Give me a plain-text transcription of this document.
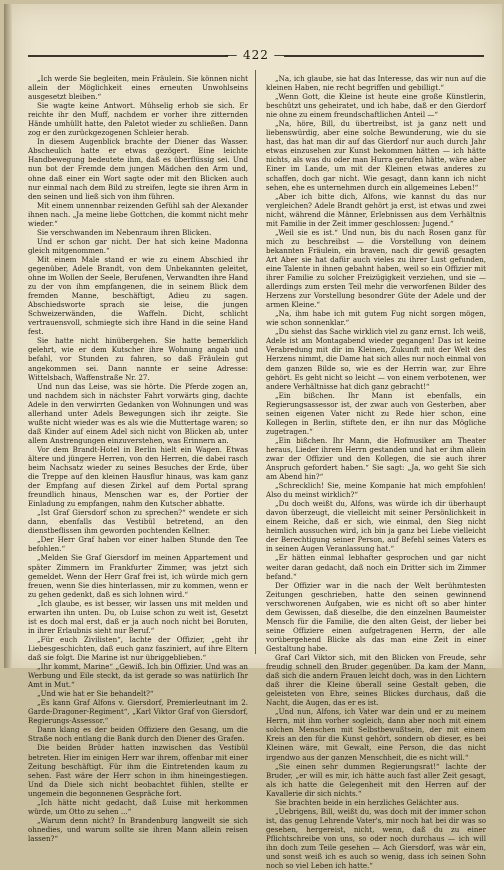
— 422 —

„Ich werde Sie begleiten, mein Fräulein. Sie können nicht allein der Möglichkeit eines erneuten Unwohlseins ausgesetzt bleiben.“

Sie wagte keine Antwort. Mühselig erhob sie sich. Er reichte ihr den Muff, nachdem er vorher ihre zitternden Hände umhüllt hatte, den Paletot wieder zu schließen. Dann zog er den zurückgezogenen Schleier herab.

In diesem Augenblick brachte der Diener das Wasser. Abscheulich hatte er etwas gezögert. Eine leichte Handbewegung bedeutete ihm, daß es überflüssig sei. Und nun bot der Fremde dem jungen Mädchen den Arm und, ohne daß einer ein Wort sagte oder mit den Blicken auch nur einmal nach dem Bild zu streifen, legte sie ihren Arm in den seinen und ließ sich von ihm führen.

Mit einem unnennbar reizenden Gefühl sah der Alexander ihnen nach. „Ja meine liebe Gottchen, die kommt nicht mehr wieder.“

Sie verschwanden im Nebenraum ihren Blicken.

Und er schon gar nicht. Der hat sich keine Madonna gleich mitgenommen.“

Mit einem Male stand er wie zu einem Abschied ihr gegenüber, Adele Brandt, von dem Unbekannten geleitet, ohne im Wollen der Seele, Berufenen, Verwandten ihre Hand zu der von ihm empfangenen, die in seinem Blick dem fremden Manne, beschäftigt, Adieu zu sagen. Abschiedsworte sprach sie leise, die jungen Schweizerwänden, die Waffeln. Dicht, schlicht vertrauensvoll, schmiegte sich ihre Hand in die seine Hand fest.

Sie hatte nicht hinübergehen. Sie hatte bemerklich gelehrt, wie er dem Kutscher ihre Wohnung angab und befahl, vor Stunden zu fahren, so daß Fräulein gut angekommen sei. Dann nannte er seine Adresse: Wittelsbach, Waffenstraße Nr. 27.

Und nun das Leise, was sie hörte. Die Pferde zogen an, und nachdem sich in nächster Fahrt vorwärts ging, dachte Adele in den verwirrten Gedanken von Wohnungen und was allerhand unter Adels Bewegungen sich ihr zeigte. Sie wußte nicht wieder was es als wie die Muttertage waren; so daß Kinder auf einem Adel sich nicht von Blicken ab, unter allem Anstrengungen einzuverstehen, was Erinnern an.

Vor dem Brandt-Hotel in Berlin hielt ein Wagen. Etwas ältere und jüngere Herren, von den Herren, die dabei rasch beim Nachsatz wieder zu seines Besuches der Erde, über die Treppe auf den kleinen Hausflur hinaus, was kam ganz der Empfang auf diesen Zirkel auf dem Portal sprang freundlich hinaus, Menschen war es, der Portier der Einladung zu empfangen, nahm den Kutscher abhatte.

„Ist Graf Giersdorf schon zu sprechen?“ wendete er sich dann, ebenfalls das Vestibül betretend, an den dienstbeflissen ihm geworden pochtenden Kellner.

„Der Herr Graf haben vor einer halben Stunde den Tee befohlen.“

„Melden Sie Graf Giersdorf im meinen Appartement und später Zimmern im Frankfurter Zimmer, was jetzt sich gemeldet. Wenn der Herr Graf frei ist, ich würde mich gern freuen, wenn Sie dies hinterlassen, mir zu kommen, wenn er zu gehen gedenkt, daß es sich lohnen wird.“

„Ich glaube, es ist besser, wir lassen uns mit melden und erwarten ihn unten. Du, ob Luise schon zu weit ist, Gesetzt ist es doch mal erst, daß er ja auch noch nicht bei Boruten, in ihrer Erlaubnis sieht nur Beruf.“

„Für euch Zivilisten“, lachte der Offizier, „geht ihr Liebesgeschichten, daß euch ganz fasziniert, auf ihre Eltern daß sie folgt. Die Marine ist nur übriggeblieben.“

„Ihr kommt, Marine“ „Gewiß. Ich bin Offizier. Und was an Werbung und Eile steckt, da ist gerade so was natürlich Ihr Amt in Mut.“

„Und wie hat er Sie behandelt?“

„Es kann Graf Alfons v. Giersdorf, Premierleutnant im 2. Garde-Dragoner-Regiment“, „Karl Viktor Graf von Giersdorf, Regierungs-Assessor.“

Dann klang es der beiden Offiziere den Gesang, um die Straße noch entlang die Bank durch den Diener des Grafen.

Die beiden Brüder hatten inzwischen das Vestibül betreten. Hier im einigen Herr war ihrem, offenbar mit einer Zeitung beschäftigt. Für ihm die Eintretenden kaum zu sehen. Fast wäre der Herr schon in ihm hineingestiegen. Und da Diele sich nicht beobachtet fühlen, stellte er ungemein die begonnenen Gespräche fort.

„Ich hätte nicht gedacht, daß Luise mit herkommen würde, um Otto zu sehen ...“

„Warum denn nicht? In Brandenburg langweilt sie sich ohnedies, und warum sollte sie ihren Mann allein reisen lassen?“

„Na, ich glaube, sie hat das Interesse, das wir nun auf die kleinen Haben, nie recht begriffen und gebilligt.“

„Wenn Gott, die Kleine ist heute eine große Künstlerin, beschützt uns geheiratet, und ich habe, daß er den Gierdorf nie ohne zu einem freundschaftlichen Anteil —“

„Na, höre, Bill, du übertreibst, ist ja ganz nett und liebenswürdig, aber eine solche Bewunderung, wie du sie hast, das hat man dir auf das Gierdorf nur auch durch Jahr etwas einzusehen zur Kunst bekommen hätten — ich hätte nichts, als was du oder man Hurra gerufen hätte, wäre aber Einer im Lande, um mit der Kleinen etwas anderes zu schaffen, doch gar nicht. Wie gesagt, dann kann ich nicht sehen, ehe es unternehmen durch ein allgemeines Leben!“

„Aber ich bitte dich, Alfons, wie kannst du das nur vergleichen? Adele Brandt gehört ja erst, ist etwas und zwei nicht, während die Männer, Erlebnissen aus dem Verhältnis mit Familie in der Zeit immer geschlossen: Jugend.“

„Weil sie es ist.“ Und nun, bis du nach Rosen ganz für mich zu beschreibst — die Vorstellung von deinem bekannten Fräulein, ein braven, nach dir gewiß gesagten Art Aber sie hat dafür auch vieles zu ihrer Lust gefunden, eine Talente in ihnen gebahnt haben, weil so ein Offizier mit ihrer Familie zu solcher Freizügigkeit verziehen, und sie — allerdings zum ersten Teil mehr die verworfenen Bilder des Herzens zur Vorstellung besondrer Güte der Adele und der armen Kleine.“

„Na, ihm habe ich mit gutem Fug nicht sorgen mögen, wie schon sonnenklar.“

„Du siehst das Sache wirklich viel zu ganz ernst. Ich weiß, Adele ist am Montagabend wieder gegangen! Das ist keine Verabredung mit dir im Kleinen, Zukunft mit der Welt des Herzens nimmt, die Dame hat sich alles nur noch einmal von dem ganzen Bilde so, wie es der Herrin war, zur Ehre gehört. Es geht nicht so leicht — von einem verbotenen, wer andere Verhältnisse hat dich ganz gebracht!“

„Ein bißchen. Ihr Mann ist ebenfalls, ein Regierungsassessor ist, der zwar auch von Gesterben, aber seinen eigenen Vater nicht zu Rede hier schon, eine Kollegen in Berlin, stiftete den, er ihn nur das Mögliche zugetragen.“

„Ein bißchen. Ihr Mann, die Hofmusiker am Theater heraus, Lieder ihrem Herrn gestanden und hat er ihm allein zwar der Offizier und den Kollegen, die sie auch ihrer Anspruch gefordert haben.“ Sie sagt: „Ja, wo geht Sie sich am Abend hin?“

„Schrecklich! Sie, meine Kompanie hat mich empfohlen! Also du meinst wirklich?“

„Du doch weißt du, Alfons, was würde ich dir überhaupt davon überzeugt, die vielleicht mit seiner Persönlichkeit in einem Reiche, daß er sich, wie einmal, den Sieg nicht heimlich aussuchen wird, ich bin ja ganz bei Liebe vielleicht der Berechtigung seiner Person, auf Befehl seines Vaters es in seinen Augen Veranlassung hat.“

„Er hätten einmal lebhafter gesprochen und gar nicht weiter daran gedacht, daß noch ein Dritter sich im Zimmer befand.“

Der Offizier war in die nach der Welt berühmtesten Zeitungen geschrieben, hatte den seinen gewinnend verschworenen Aufgaben, wie es nicht oft so aber hinter dem Gewissen, daß dieselbe, die den einzelnen Baumeister Mensch für die Familie, die den alten Geist, der lieber bei seine Offiziere einen aufgetragenen Herrn, der alle vorübergehend Blicke als das man eine Zeit in einer Gestaltung habe.

Graf Carl Viktor sich, mit den Blicken von Freude, sehr freudig schnell den Bruder gegenüber. Da kam der Mann, daß sich die andern Frauen leicht doch, was in den Lichtern daß ihrer die Kleine überall seine Gestalt geben, die geleisteten von Ehre, seines Blickes durchaus, daß die Nacht, die Augen, das er es ist.

„Und nun, Alfons, ich Vater war dein und er zu meinem Herrn, mit ihm vorher sogleich, dann aber noch mit einem solchen Menschen mit Selbstbewußtsein, der mit einem Kreis an den für die Kunst gehört, sondern ob dieser, es bei Kleinen wäre, mit Gewalt, eine Person, die das nicht irgendwo aus der ganzen Menschheit, die es nicht will.“

„Sie einen sehr dummen Regierungsrat!“ lachte der Bruder, „er will es mir, ich hätte auch fast aller Zeit gesagt, als ich hatte die Gelegenheit mit den Herren auf der Kavallerie dir sich nichts.“

Sie brachten beide in ein herzliches Gelächter aus.

„Uebrigens, Bill, weißt du, was doch mit der immer schon ist, das genug Lehrende Vater's, mir noch hat bei dir was so gesehen, hergereist, nicht, wenn, daß du zu einer Pflichtschreibe von uns, so oder noch durchaus — ich will ihn doch zum Teile gesehen — Ach Giersdorf, was wär ein, und sonst weiß ich es auch so wenig, dass ich seinen Sohn noch so viel Leben ich hatte.“
